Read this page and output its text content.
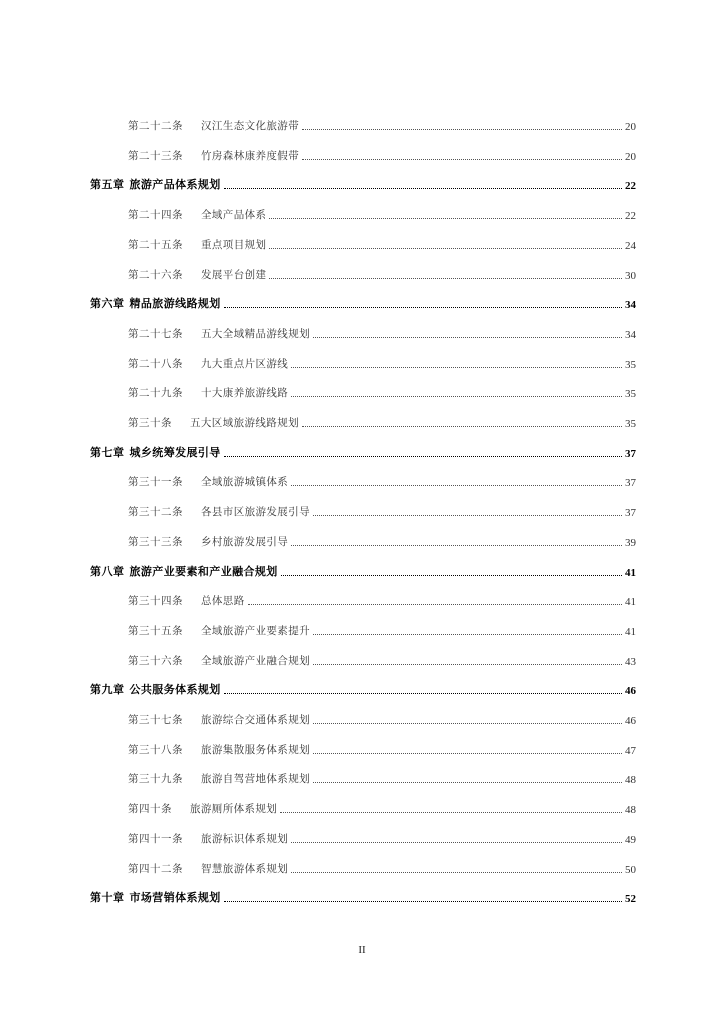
第二十二条 汉江生态文化旅游带	20
第二十三条 竹房森林康养度假带	20
第五章 旅游产品体系规划	22
第二十四条 全域产品体系	22
第二十五条 重点项目规划	24
第二十六条 发展平台创建	30
第六章 精品旅游线路规划	34
第二十七条 五大全域精品游线规划	34
第二十八条 九大重点片区游线	35
第二十九条 十大康养旅游线路	35
第三十条 五大区域旅游线路规划	35
第七章 城乡统筹发展引导	37
第三十一条 全域旅游城镇体系	37
第三十二条 各县市区旅游发展引导	37
第三十三条 乡村旅游发展引导	39
第八章 旅游产业要素和产业融合规划	41
第三十四条 总体思路	41
第三十五条 全域旅游产业要素提升	41
第三十六条 全域旅游产业融合规划	43
第九章 公共服务体系规划	46
第三十七条 旅游综合交通体系规划	46
第三十八条 旅游集散服务体系规划	47
第三十九条 旅游自驾营地体系规划	48
第四十条 旅游厕所体系规划	48
第四十一条 旅游标识体系规划	49
第四十二条 智慧旅游体系规划	50
第十章 市场营销体系规划	52
II
